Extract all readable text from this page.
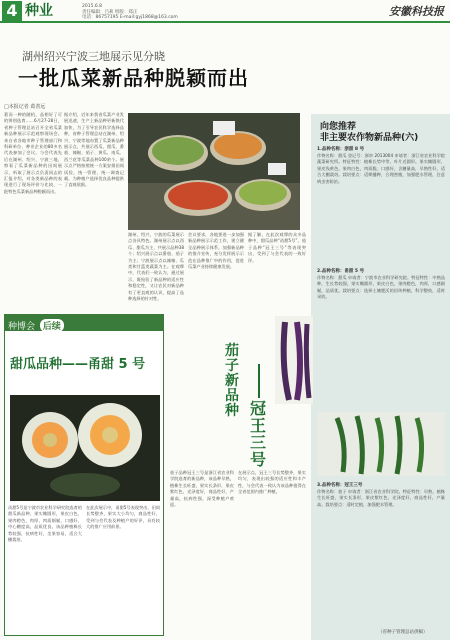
4 种业	2015.6.8
责任编辑：吕莉 组版：郑正
电话：86757195 E-mail:gyj1868@163.com	安徽科技报
湖州绍兴宁波三地展示见分晓
一批瓜菜新品种脱颖而出
□本报记者 葛善远
葛而一种的随机，品相好了可的辨别选育……6月27-28日，省种子管理总站召开全省瓜菜新品种展示示范观察现场会。来自省各地市种子管理部门和科研单位、种业企业的80多名代表参加了会议。与会代表先后在湖州、绍兴、宁波三地，察看了瓜菜新品种的田间展示，听取了展示点负责同志的汇报介绍，对各类新品种的表现进行了现场评价与比较，一批特色瓜菜新品种脱颖而出。
据介绍，近年来我省瓜菜产业发展迅速，生产上新品种更新换代加快，为了引导农民科学选择品种，省种子管理总站在湖州、绍兴、宁波等地布置了瓜菜新品种展示点，共展示西瓜、甜瓜、番茄、辣椒、茄子、黄瓜、南瓜、西兰花等瓜菜品种100余个。展示点严格按照统一方案安排田间试验，统一管理，统一调查记载，为种植户选择优良品种提供了直观依据。
湖州，绍兴，宁波的瓜菜展示点各具特色。湖州展示点以西瓜、甜瓜为主，共展示品种38个；绍兴展示点以番茄、茄子为主；宁波展示点以辣椒、瓜类和甘蓝类蔬菜为主。在观摩中，代表们一致认为，通过展示，既检验了新品种的适应性和稳定性，又让农民对新品种有了更直观的认识，提高了品种选择的针对性。
会议要求，各地要进一步加强新品种展示示范工作，建立健全品种展示体系，加强新品种的推介宣传，充分发挥展示示范在品种推广中的作用，促进瓜菜产业持续健康发展。
据了解，在此次观摩的众多品种中，甜瓜品种“甬甜5号”，茄子品种“冠王三号”等表现突出，受到了与会代表的一致好评。
向您推荐
非主要农作物新品种(六)
1.品种名称：浙甜 8 号
作物名称：甜瓜 登记号：浙审 2013004 申请者：浙江省农业科学院蔬菜研究所。特征特性：植株长势中等，叶片近圆形。果实椭圆形，果皮浅黄色，果肉白色，肉质脆，口感好，含糖量高，早熟性好，适合大棚栽培。栽培要点：适期播种，合理密植，加强肥水管理，注意病虫害防治。
2.品种名称：甬甜 5 号
作物名称：甜瓜 申请者：宁波市农业科学研究院。特征特性：中熟品种，生长势较强，果实椭圆形，果皮白色，果肉橙色，肉厚，口感细腻，品质优。栽培要点：选择土壤肥沃的田块种植，科学整枝，适时采收。
3.品种名称：冠王三号
作物名称：茄子 申请者：浙江省农业科学院。特征特性：早熟，植株生长旺盛，果实长条形，果皮紫红色，光泽度好，商品性好，产量高。栽培要点：适时定植，加强肥水管理。
（省种子管理总站供稿）
种博会 后续
甜瓜品种——甬甜 5 号
甬甜5号是宁波市农业科学研究院选育的甜瓜新品种，果实椭圆形，果皮白色，果肉橙色，肉厚，肉质细腻，口感好，中心糖度高，品质优良。该品种植株长势较强，抗病性好，坐果容易，适合大棚栽培。
在此次展示中，甬甜5号表现突出，田间长势整齐，果实大小均匀，商品性好，受到与会代表及种植户的好评，具有较大的推广应用前景。
茄
子
新
品
种 冠
王
三
号
茄子品种冠王三号是浙江省农业科学院选育的新品种，该品种早熟，植株生长旺盛，果实长条形，果皮紫红色，光泽度好，商品性好，产量高，抗病性强，深受种植户欢迎。
在展示点，冠王三号长势整齐，果实均匀，表现出较强的适应性和丰产性，与会代表一致认为该品种值得在全省范围内推广种植。
